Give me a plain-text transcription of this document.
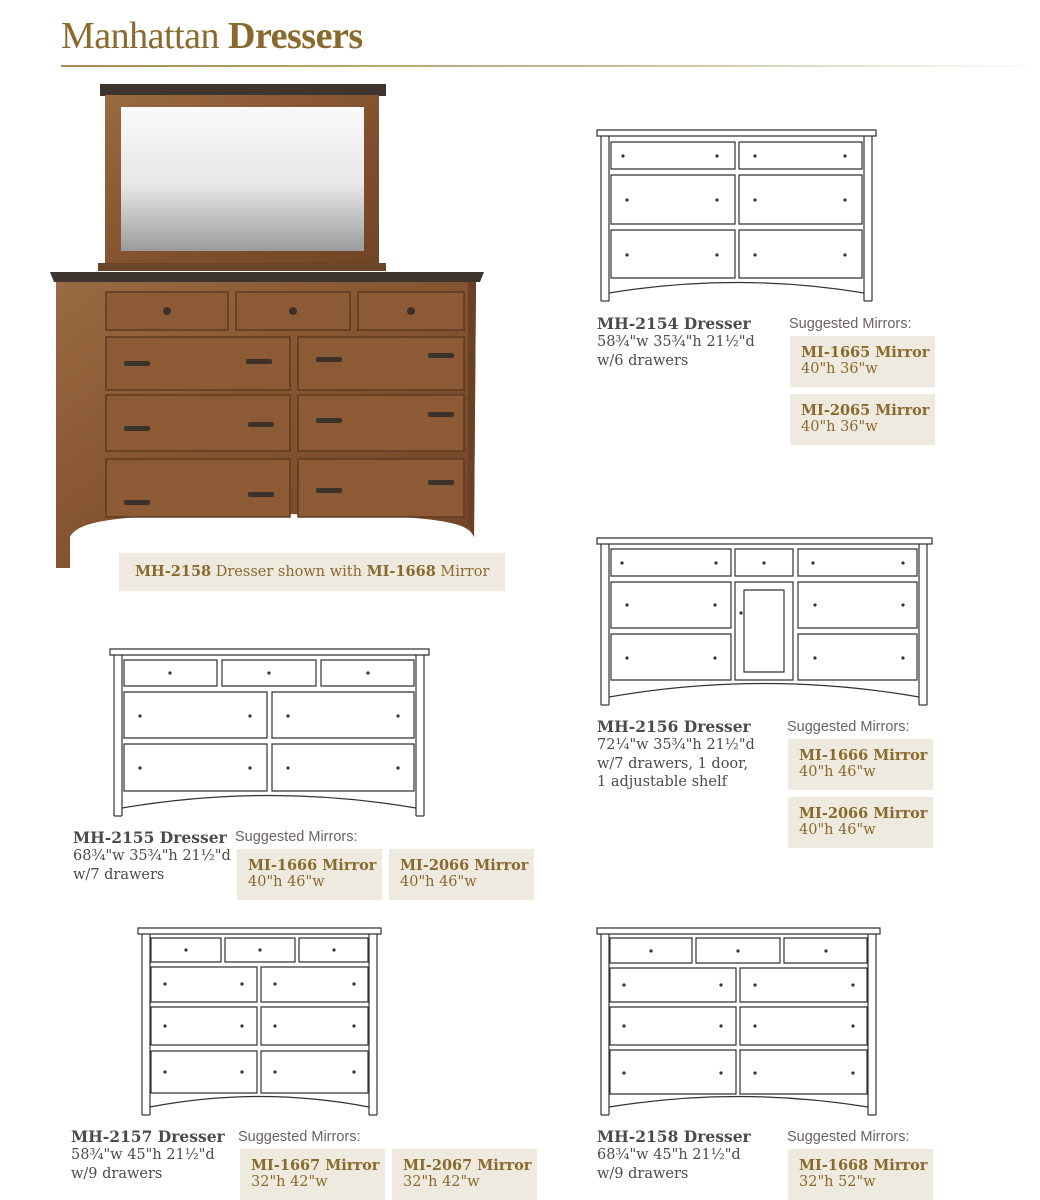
Manhattan Dressers
MH-2158 Dresser shown with MI-1668 Mirror
MH-2154 Dresser
58¾"w 35¾"h 21½"d
w/6 drawers
Suggested Mirrors:
MI-1665 Mirror
40"h 36"w
MI-2065 Mirror
40"h 36"w
MH-2156 Dresser
72¼"w 35¾"h 21½"d
w/7 drawers, 1 door,
1 adjustable shelf
Suggested Mirrors:
MI-1666 Mirror
40"h 46"w
MI-2066 Mirror
40"h 46"w
MH-2155 Dresser
68¾"w 35¾"h 21½"d
w/7 drawers
Suggested Mirrors:
MI-1666 Mirror
40"h 46"w
MI-2066 Mirror
40"h 46"w
MH-2157 Dresser
58¾"w 45"h 21½"d
w/9 drawers
Suggested Mirrors:
MI-1667 Mirror
32"h 42"w
MI-2067 Mirror
32"h 42"w
MH-2158 Dresser
68¾"w 45"h 21½"d
w/9 drawers
Suggested Mirrors:
MI-1668 Mirror
32"h 52"w
